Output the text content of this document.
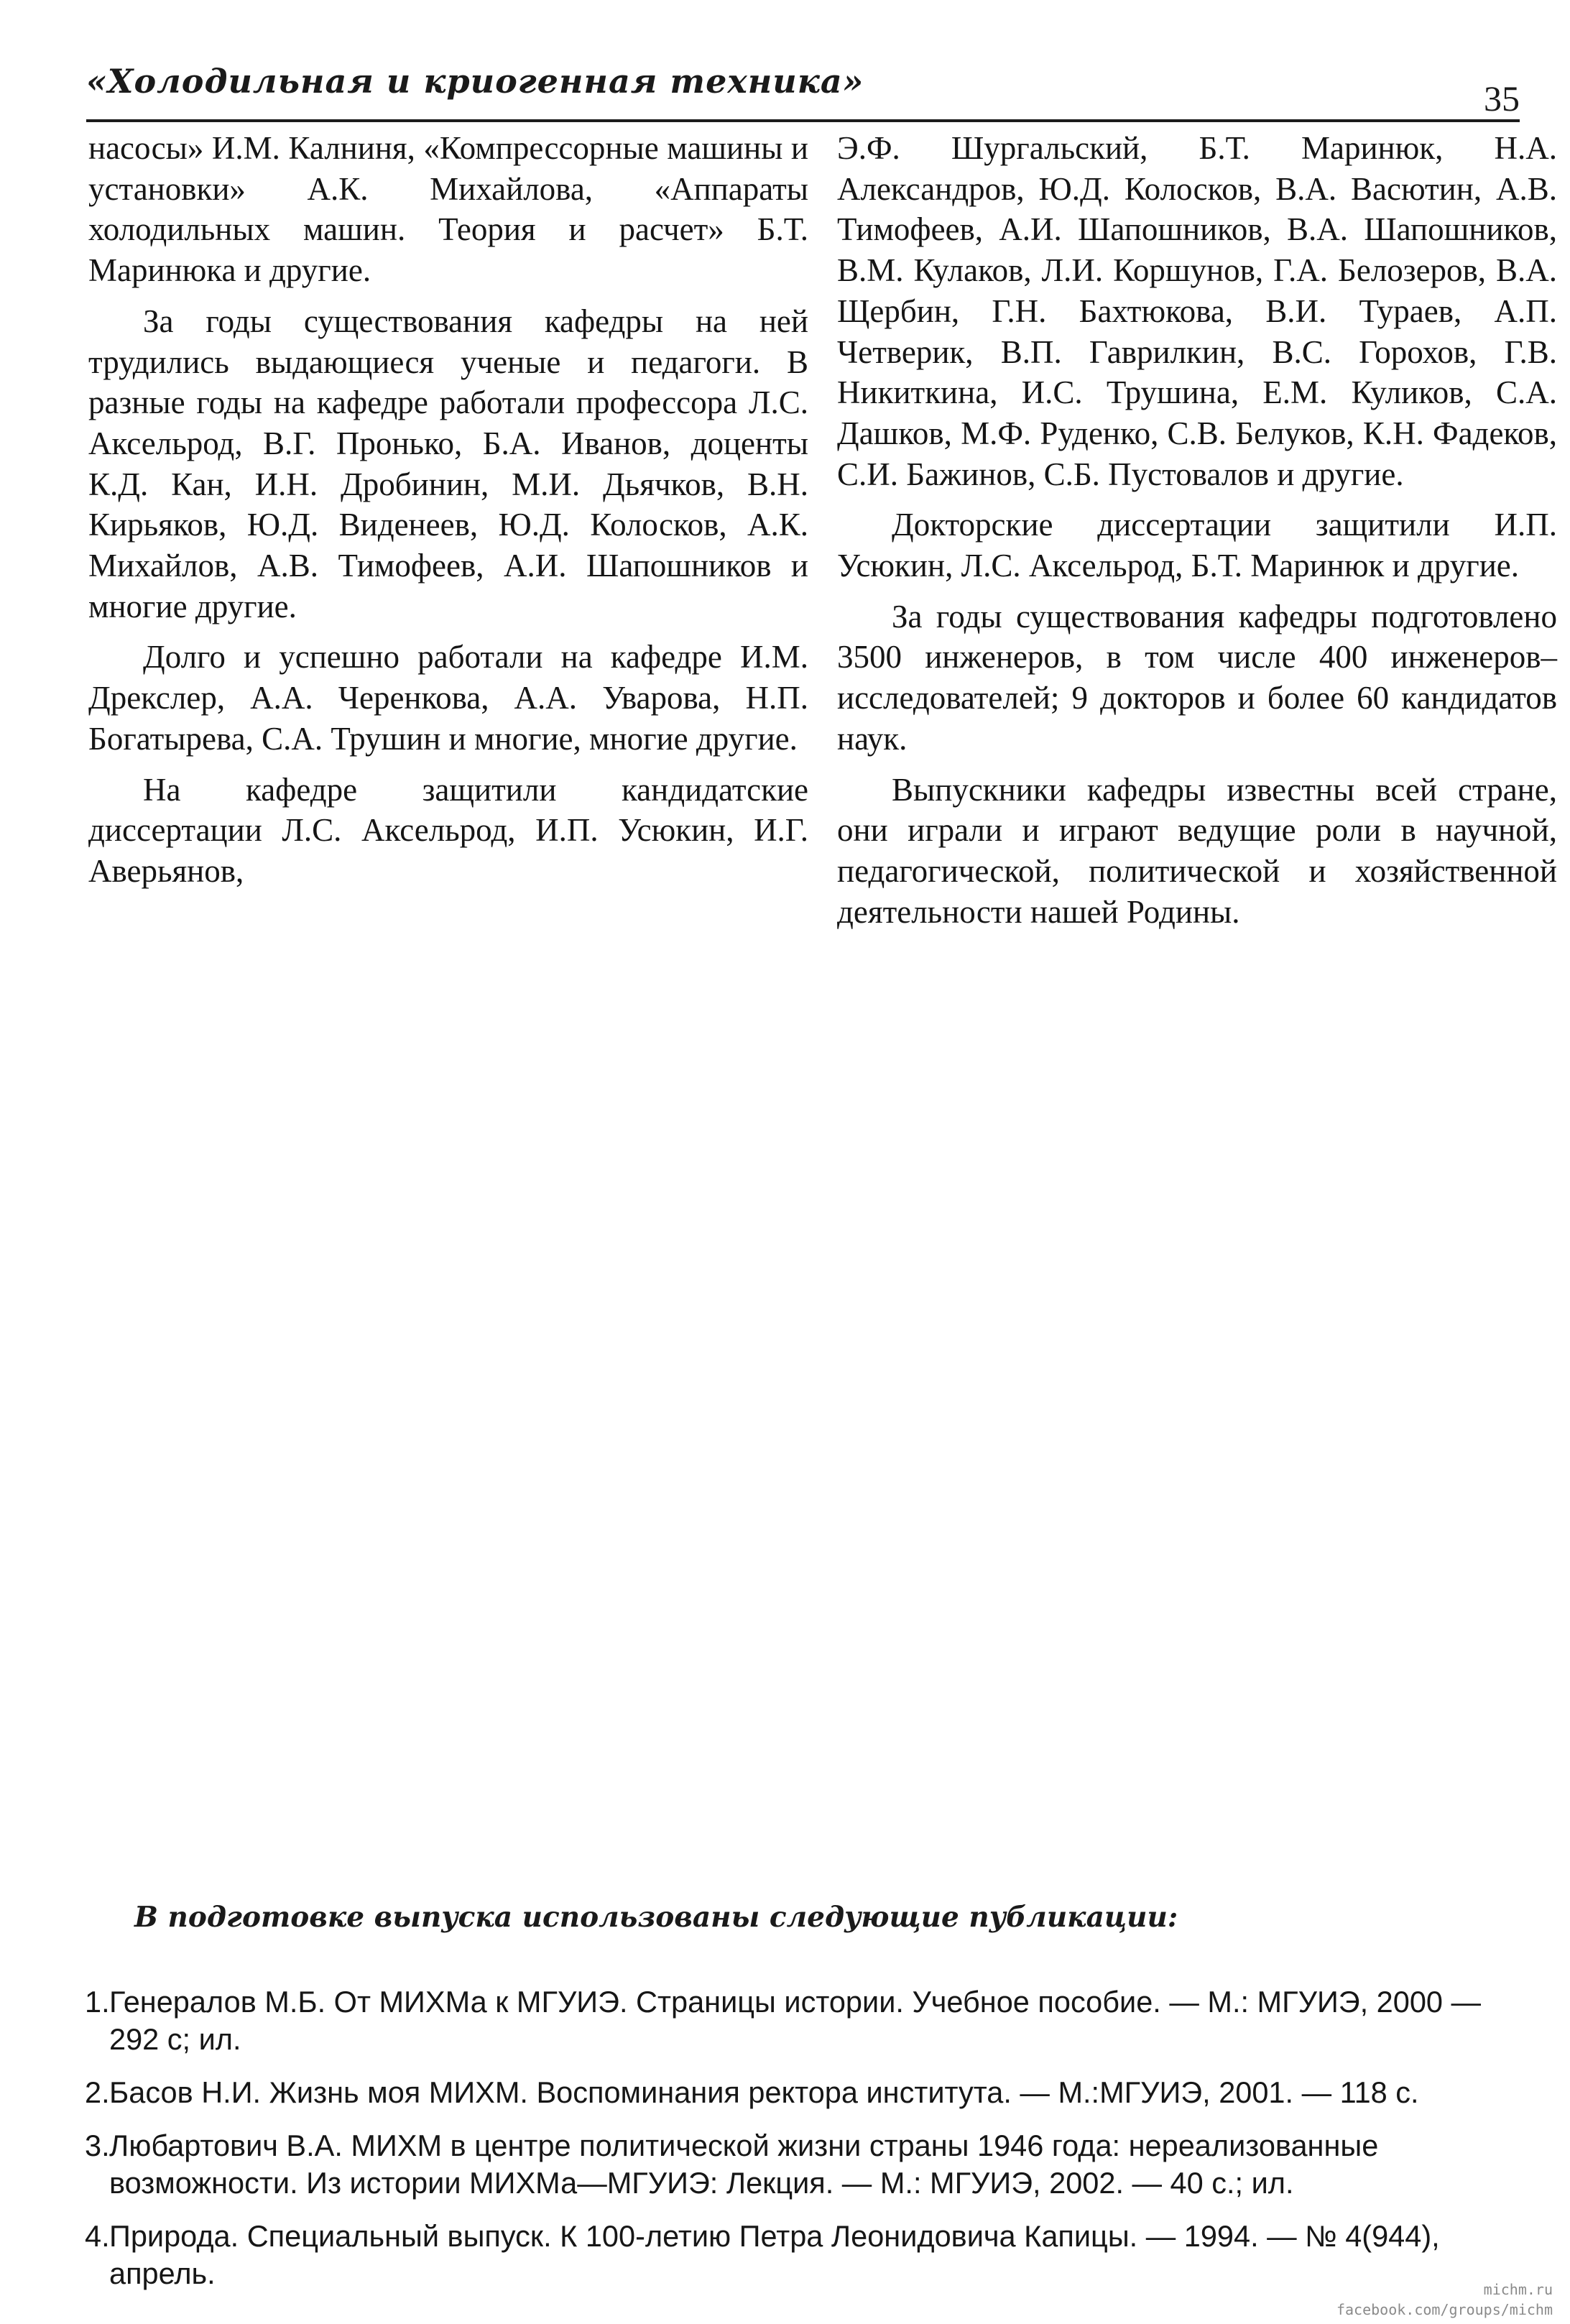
«Холодильная и криогенная техника»	35

насосы» И.М. Калниня, «Компрессорные машины и установки» А.К. Михайлова, «Аппараты холодильных машин. Теория и расчет» Б.Т. Маринюка и другие.

За годы существования кафедры на ней трудились выдающиеся ученые и педагоги. В разные годы на кафедре работали профессора Л.С. Аксельрод, В.Г. Пронько, Б.А. Иванов, доценты К.Д. Кан, И.Н. Дробинин, М.И. Дьячков, В.Н. Кирьяков, Ю.Д. Виденеев, Ю.Д. Колосков, А.К. Михайлов, А.В. Тимофеев, А.И. Шапошников и многие другие.

Долго и успешно работали на кафедре И.М. Дрекслер, А.А. Черенкова, А.А. Уварова, Н.П. Богатырева, С.А. Трушин и многие, многие другие.

На кафедре защитили кандидатские диссертации Л.С. Аксельрод, И.П. Усюкин, И.Г. Аверьянов,

Э.Ф. Шургальский, Б.Т. Маринюк, Н.А. Александров, Ю.Д. Колосков, В.А. Васютин, А.В. Тимофеев, А.И. Шапошников, В.А. Шапошников, В.М. Кулаков, Л.И. Коршунов, Г.А. Белозеров, В.А. Щербин, Г.Н. Бахтюкова, В.И. Тураев, А.П. Четверик, В.П. Гаврилкин, В.С. Горохов, Г.В. Никиткина, И.С. Трушина, Е.М. Куликов, С.А. Дашков, М.Ф. Руденко, С.В. Белуков, К.Н. Фадеков, С.И. Бажинов, С.Б. Пустовалов и другие.

Докторские диссертации защитили И.П. Усюкин, Л.С. Аксельрод, Б.Т. Маринюк и другие.

За годы существования кафедры подготовлено 3500 инженеров, в том числе 400 инженеров–исследователей; 9 докторов и более 60 кандидатов наук.

Выпускники кафедры известны всей стране, они играли и играют ведущие роли в научной, педагогической, политической и хозяйственной деятельности нашей Родины.

В подготовке выпуска использованы следующие публикации:
1. Генералов М.Б. От МИХМа к МГУИЭ. Страницы истории. Учебное пособие. — М.: МГУИЭ, 2000 — 292 с; ил.
2. Басов Н.И. Жизнь моя МИХМ. Воспоминания ректора института. — М.:МГУИЭ, 2001. — 118 с.
3. Любартович В.А. МИХМ в центре политической жизни страны 1946 года: нереализованные возможности. Из истории МИХМа—МГУИЭ: Лекция. — М.: МГУИЭ, 2002. — 40 с.; ил.
4. Природа. Специальный выпуск. К 100-летию Петра Леонидовича Капицы. — 1994. — № 4(944), апрель.	michm.ru
facebook.com/groups/michm
